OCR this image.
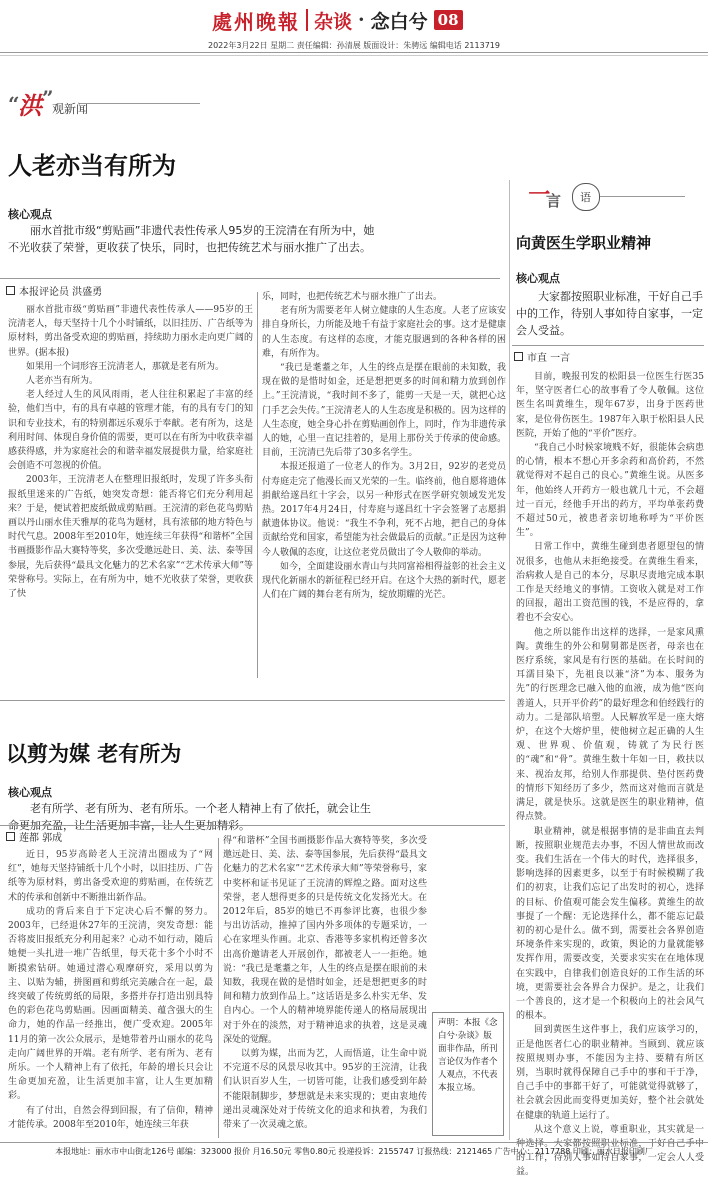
處州晚報 杂谈 · 念白兮 08
2022年3月22日 星期二 责任编辑：孙清展 版面设计：朱骋远 编辑电话 2113719
“
洪 ”
观新闻
人老亦当有所为
核心观点
丽水首批市级“剪贴画”非遗代表性传承人95岁的王浣清在有所为中，她不光收获了荣誉，更收获了快乐，同时，也把传统艺术与丽水推广了出去。
本报评论员 洪盛勇

丽水首批市级“剪贴画”非遗代表性传承人——95岁的王浣清老人，每天坚持十几个小时铺纸，以旧挂历、广告纸等为原材料，剪出备受欢迎的剪贴画，持续助力丽水走向更广阔的世界。(据本报)

如果用一个词形容王浣清老人，那就是老有所为。

人老亦当有所为。

老人经过人生的风风雨雨，老人往往积累起了丰富的经验，他们当中，有的具有卓越的管理才能，有的具有专门的知识和专业技术，有的特别都远乐观乐于奉献。老有所为，这是利用时间、体现自身价值的需要，更可以在有所为中收获幸福感获得感，并为家庭社会的和谐幸福发展提供力量，给家庭社会创造不可忽视的价值。

2003年，王浣清老人在整理旧报纸时，发现了许多头衔报纸里迷来的广告纸，她突发奇想：能否将它们充分利用起来？于是，便试着把废纸做成剪贴画。王浣清的彩色花鸟剪贴画以丹山丽水佳天雅厚的花鸟为题材，具有浓郁的地方特色与时代气息。2008年至2010年，她连续三年获得“和谐杯”全国书画摄影作品大赛特等奖，多次受邀远赴日、美、法、泰等国参展，先后获得“最具文化魅力的艺术名家”“艺术传承大师”等荣誉称号。实际上，在有所为中，她不光收获了荣誉，更收获了快

乐，同时，也把传统艺术与丽水推广了出去。

老有所为需要老年人树立健康的人生态度。人老了应该安排自身所长，力所能及地千有益于家庭社会的事。这才是健康的人生态度。有这样的态度，才能克服遇到的各种各样的困难，有所作为。

“我已是耄耋之年，人生的终点是摆在眼前的未知数，我现在做的是惜时如金，还是想把更多的时间和精力放到创作上。”王浣清说，“我时间不多了，能剪一天是一天，就把心这门手艺会失传。”王浣清老人的人生态度是积极的。因为这样的人生态度，她全身心扑在剪贴画创作上，同时，作为非遗传承人的她，心里一直记挂着的，是用上那份关于传承的使命感。目前，王浣清已先后带了30多名学生。

本报还报道了一位老人的作为。3月2日，92岁的老党员付寿庭走完了他漫长而又光荣的一生。临终前，他自愿将遗体捐献给遂昌红十字会，以另一种形式在医学研究领域发光发热。2017年4月24日，付寿庭与遂昌红十字会签署了志愿捐献遗体协议。他说：“我生不争利，死不占地，把自己的身体贡献给党和国家，希望能为社会做最后的贡献。”正是因为这种今人敬佩的态度，让这位老党员做出了令人敬仰的举动。

如今，全面建设丽水青山与共同富裕相得益彰的社会主义现代化新丽水的新征程已经开启。在这个大热的新时代，愿老人们在广阔的舞台老有所为，绽放期耀的光芒。

以剪为媒 老有所为
核心观点
老有所学、老有所为、老有所乐。一个老人精神上有了依托，就会让生命更加充盈，让生活更加丰富，让人生更加精彩。
莲都 郭成

近日，95岁高龄老人王浣清出圈成为了“网红”，她每天坚持铺纸十几个小时，以旧挂历、广告纸等为原材料，剪出备受欢迎的剪贴画，在传统艺术的传承和创新中不断推出新作品。

成功的背后来自于下定决心后不懈的努力。2003年，已经退休27年的王浣清，突发奇想：能否将废旧报纸充分利用起来？心动不如行动，随后她便一头扎进一堆广告纸里，每天花十多个小时不断摸索钻研。她通过潜心观摩研究，采用以剪为主、以贴为辅，拼图画和剪纸完美融合在一起，最终突破了传统剪纸的局限，多搭并存打造出别具特色的彩色花鸟剪贴画。因画面精美、蕴含强大的生命力，她的作品一经推出，便广受欢迎。2005年11月的第一次公众展示，是她带着丹山丽水的花鸟走向广阔世界的开端。老有所学、老有所为、老有所乐。一个人精神上有了依托，年龄的增长只会让生命更加充盈，让生活更加丰富，让人生更加精彩。

有了付出，自然会得到回报，有了信仰，精神才能传承。2008年至2010年，她连续三年获

得“和谐杯”全国书画摄影作品大赛特等奖，多次受邀远赴日、美、法、泰等国参展，先后获得“最具文化魅力的艺术名家”“艺术传承大师”等荣誉称号，家中奖杯和证书见证了王浣清的辉煌之路。面对这些荣誉，老人想得更多的只是传统文化发扬光大。在2012年后，85岁的她已不再参评比赛，也很少参与出访活动，推掉了国内外多项体的专题采访，一心在家埋头作画。北京、香港等多家机构还曾多次出高价邀请老人开展创作，都被老人一一拒绝。她说：“我已是耄耋之年，人生的终点是摆在眼前的未知数，我现在做的是惜时如金，还是想把更多的时间和精力放到作品上。”这话语是多么朴实无华、发自内心。一个人的精神境界能传递人的格局展现出对于外在的淡然，对于精神追求的执着，这是灵魂深处的觉醒。

以剪为媒，出而为艺，人而悟道，让生命中说不完道不尽的风景尽收其中。95岁的王浣清，让我们认识百岁人生，一切皆可能，让我们感受到年龄不能限制脚步，梦想就是未来实现的；更由衷地传递出灵魂深处对于传统文化的追求和执着，为我们带来了一次灵魂之旅。

声明：本报《念白兮·杂谈》版面非作品，所刊言论仅为作者个人观点，不代表本报立场。
一
言 语
向黄医生学职业精神
核心观点
大家都按照职业标准，干好自己手中的工作，待别人事如待自家事，一定会人受益。
市直 一言

目前，晚报刊发的松阳县一位医生行医35年，坚守医者仁心的故事看了令人敬佩。这位医生名叫黄维生，现年67岁，出身于医药世家，是位骨伤医生。1987年入职于松阳县人民医院，开始了他的“平价”医疗。

“我自己小时候家境贱不好，很能体会病患的心情，根本不想心开多余药和高价药，不然就觉得对不起自己的良心。”黄维生说。从医多年，他始终人开药方一般也就几十元，不会超过一百元，经他手开出的药方，平均单张药费不超过50元，被患者亲切地称呼为“平价医生”。

日常工作中，黄维生碰到患者愿望包的情况很多，也他从未拒绝接受。在黄维生看来，治病救人是自己的本分，尽职尽责地完成本职工作是天经地义的事情。工资收入就是对工作的回报，超出工资范围的钱，不是应得的，拿着也不会安心。

他之所以能作出这样的选择，一是家风熏陶。黄维生的外公和舅舅都是医者，母亲也在医疗系统，家风是有行医的基础。在长时间的耳濡目染下，先祖良以兼“济”为本、服务为先”的行医理念已融入他的血液，成为他“医向善道人，只开平价药”的最好理念和伯经践行的动力。二是部队培塑。人民解放军是一座大熔炉，在这个大熔炉里，使他树立起正确的人生观、世界观、价值观，铸就了为民行医的“魂”和“骨”。黄维生数十年如一日，救扶以来、视治友邦，给别人作那提供、垫付医药费的情形下知经历了多少，然而这对他而言就是满足，就是快乐。这就是医生的职业精神，值得点赞。

职业精神，就是根据事情的是非曲直去判断，按照职业规范去办事，不因人情世故而改变。我们生活在一个伟大的时代，选择很多，影响选择的因素更多，以至于有时候模糊了我们的初衷，让我们忘记了出发时的初心，选择的目标、价值观可能会发生偏移。黄维生的故事提了一个醒：无论选择什么，都不能忘记最初的初心是什么。做不到，需要社会各界创造环境条件来实现的，政策，舆论的力量就能够发挥作用，需要改变，关要求实实在在地体现在实践中，自律我们创造良好的工作生活的环境，更需要社会各界合力保护。是之，让我们一个善良的，这才是一个积极向上的社会风气的根本。

回到黄医生这件事上，我们应该学习的，正是他医者仁心的职业精神。当顾到、就应该按照规则办事，不能因为主持、要精有所区别，当职时就得保障自己手中的事和干于净，自己手中的事都干好了，可能就觉得就够了，社会就会因此而变得更加美好，整个社会就处在健康的轨道上运行了。

从这个意义上说，尊重职业，其实就是一种选择。大家都按照职业标准，干好自己手中的工作，待别人事如待自家事，一定会人人受益。

本报地址：丽水市中山街北126号 邮编：323000 报价 月16.50元 零售0.80元 投递投诉：2155747 订报热线：2121465 广告中心：2117788 印刷：丽水日报印刷厂
